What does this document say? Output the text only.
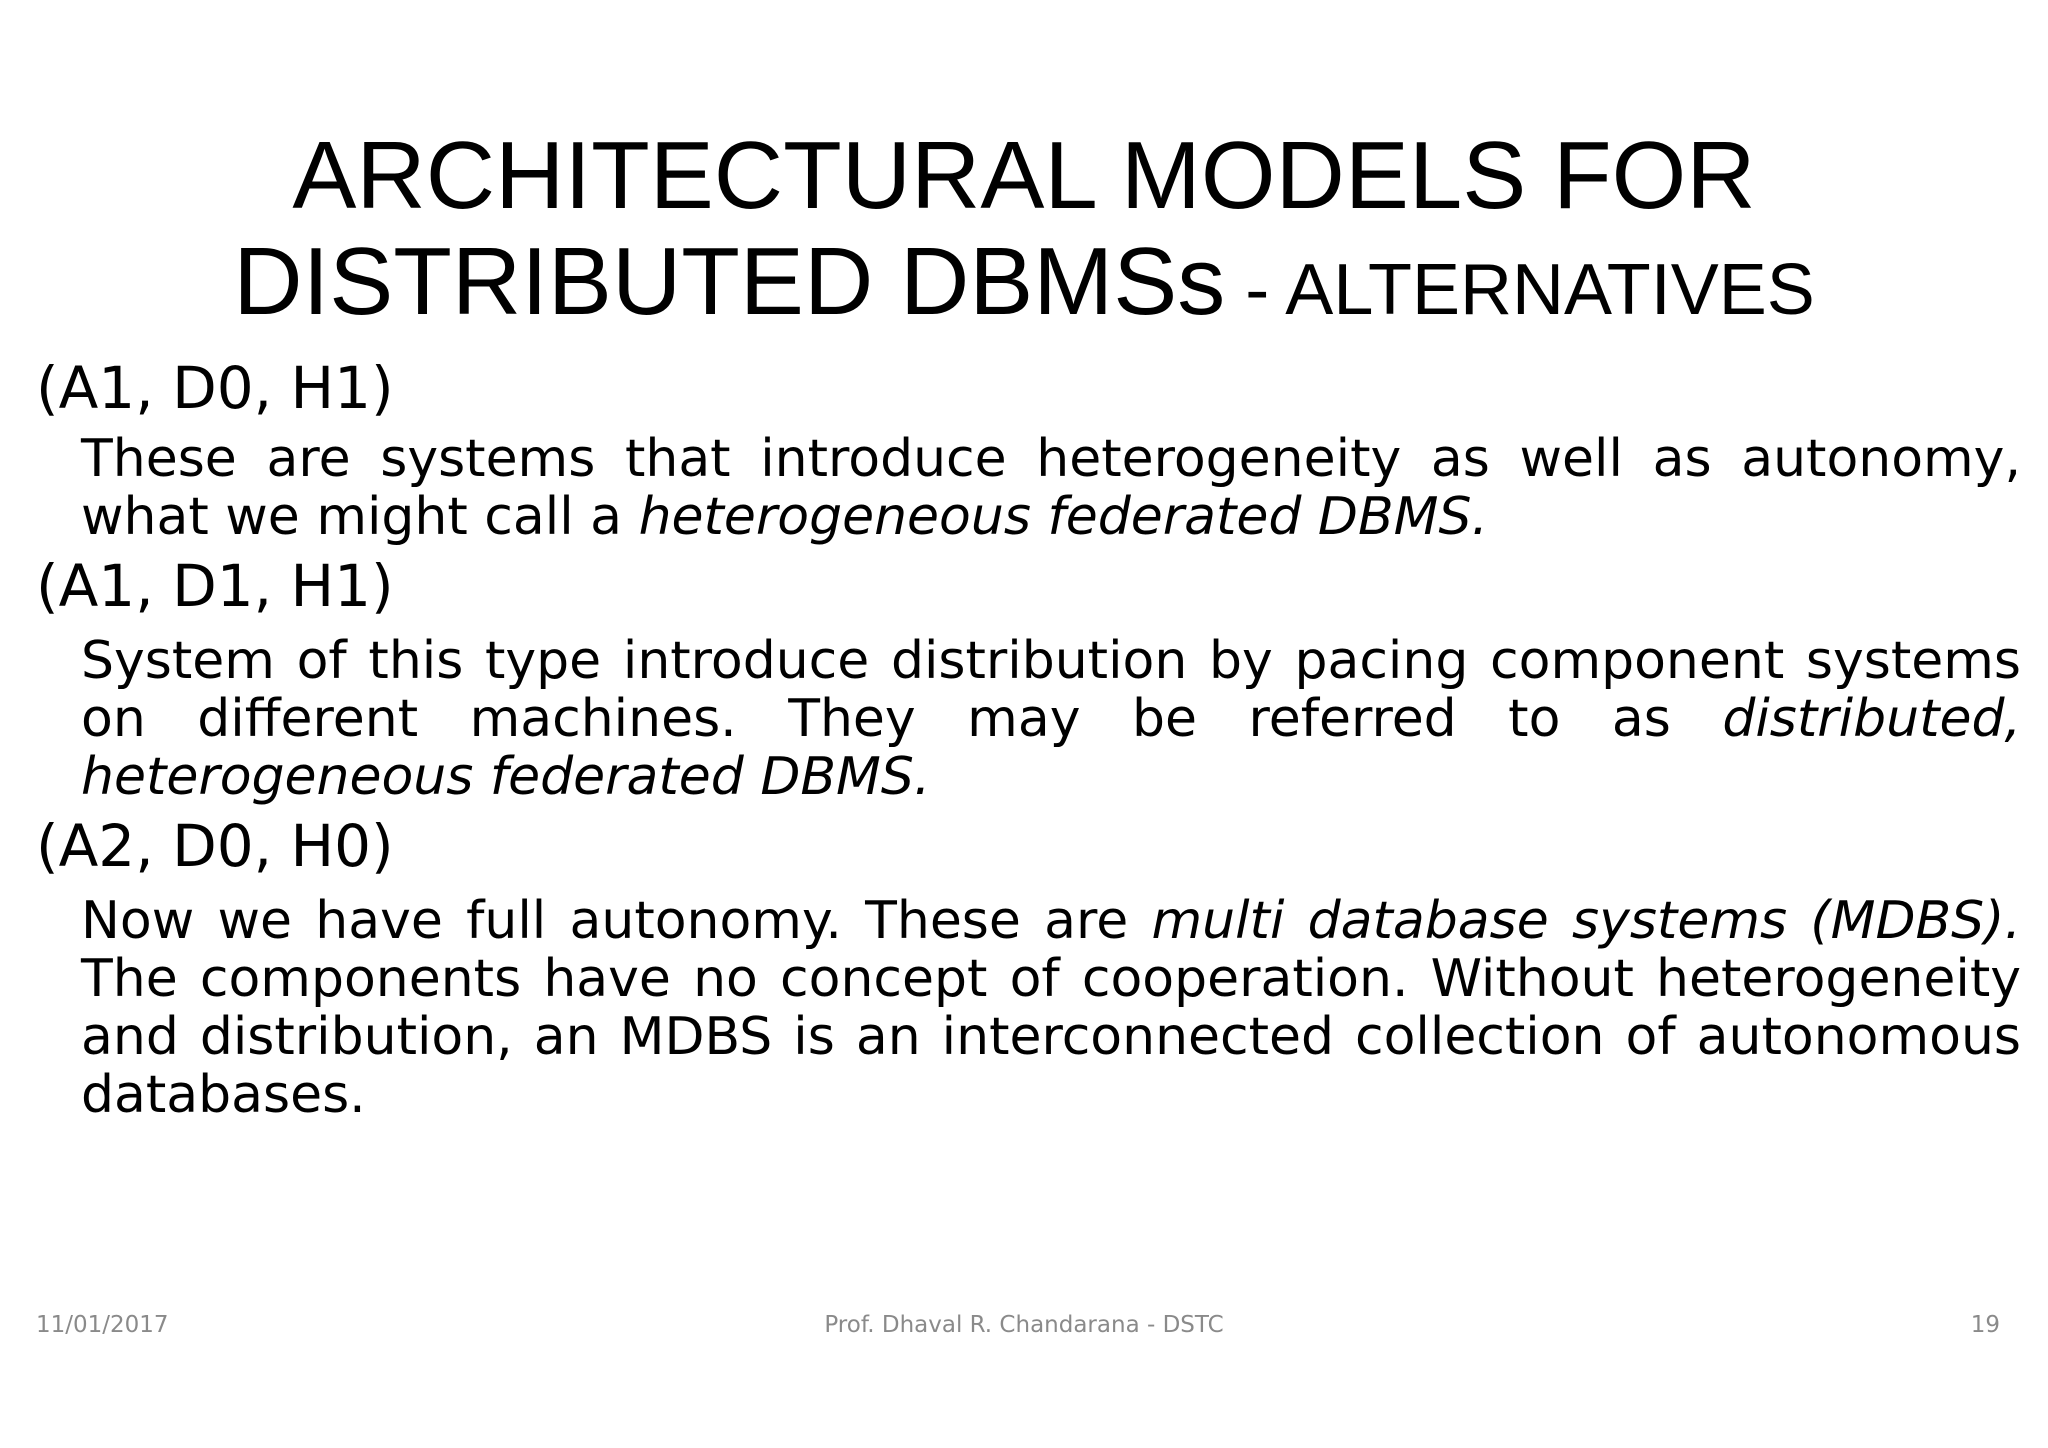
ARCHITECTURAL MODELS FOR
DISTRIBUTED DBMSs - ALTERNATIVES
(A1, D0, H1)
These are systems that introduce heterogeneity as well as autonomy, what we might call a heterogeneous federated DBMS.
(A1, D1, H1)
System of this type introduce distribution by pacing component systems on different machines. They may be referred to as distributed, heterogeneous federated DBMS.
(A2, D0, H0)
Now we have full autonomy. These are multi database systems (MDBS). The components have no concept of cooperation. Without heterogeneity and distribution, an MDBS is an interconnected collection of autonomous databases.
11/01/2017	Prof. Dhaval R. Chandarana - DSTC	19
